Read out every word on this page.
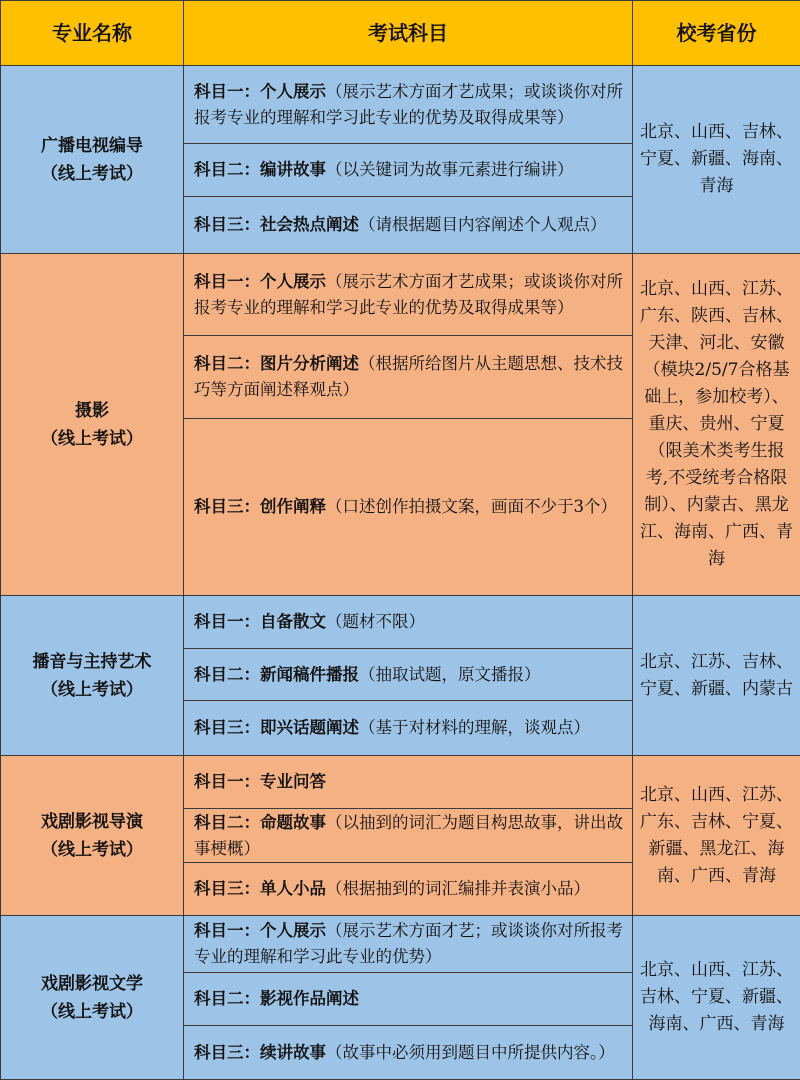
专业名称	考试科目	校考省份

广播电视编导
（线上考试）	科目一：个人展示（展示艺术方面才艺成果；或谈谈你对所报考专业的理解和学习此专业的优势及取得成果等）	北京、山西、吉林、宁夏、新疆、海南、青海
	科目二：编讲故事（以关键词为故事元素进行编讲）	
	科目三：社会热点阐述（请根据题目内容阐述个人观点）	

摄影
（线上考试）	科目一：个人展示（展示艺术方面才艺成果；或谈谈你对所报考专业的理解和学习此专业的优势及取得成果等）	北京、山西、江苏、广东、陕西、吉林、天津、河北、安徽（模块2/5/7合格基础上，参加校考）、重庆、贵州、宁夏（限美术类考生报考,不受统考合格限制）、内蒙古、黑龙江、海南、广西、青海
	科目二：图片分析阐述（根据所给图片从主题思想、技术技巧等方面阐述释观点）	
	科目三：创作阐释（口述创作拍摄文案，画面不少于3个）	

播音与主持艺术
（线上考试）	科目一：自备散文（题材不限）	北京、江苏、吉林、宁夏、新疆、内蒙古
	科目二：新闻稿件播报（抽取试题，原文播报）	
	科目三：即兴话题阐述（基于对材料的理解，谈观点）	

戏剧影视导演
（线上考试）	科目一：专业问答	北京、山西、江苏、广东、吉林、宁夏、新疆、黑龙江、海南、广西、青海
	科目二：命题故事（以抽到的词汇为题目构思故事，讲出故事梗概）	
	科目三：单人小品（根据抽到的词汇编排并表演小品）	

戏剧影视文学
（线上考试）	科目一：个人展示（展示艺术方面才艺；或谈谈你对所报考专业的理解和学习此专业的优势）	北京、山西、江苏、吉林、宁夏、新疆、海南、广西、青海
	科目二：影视作品阐述	
	科目三：续讲故事（故事中必须用到题目中所提供内容。）	
